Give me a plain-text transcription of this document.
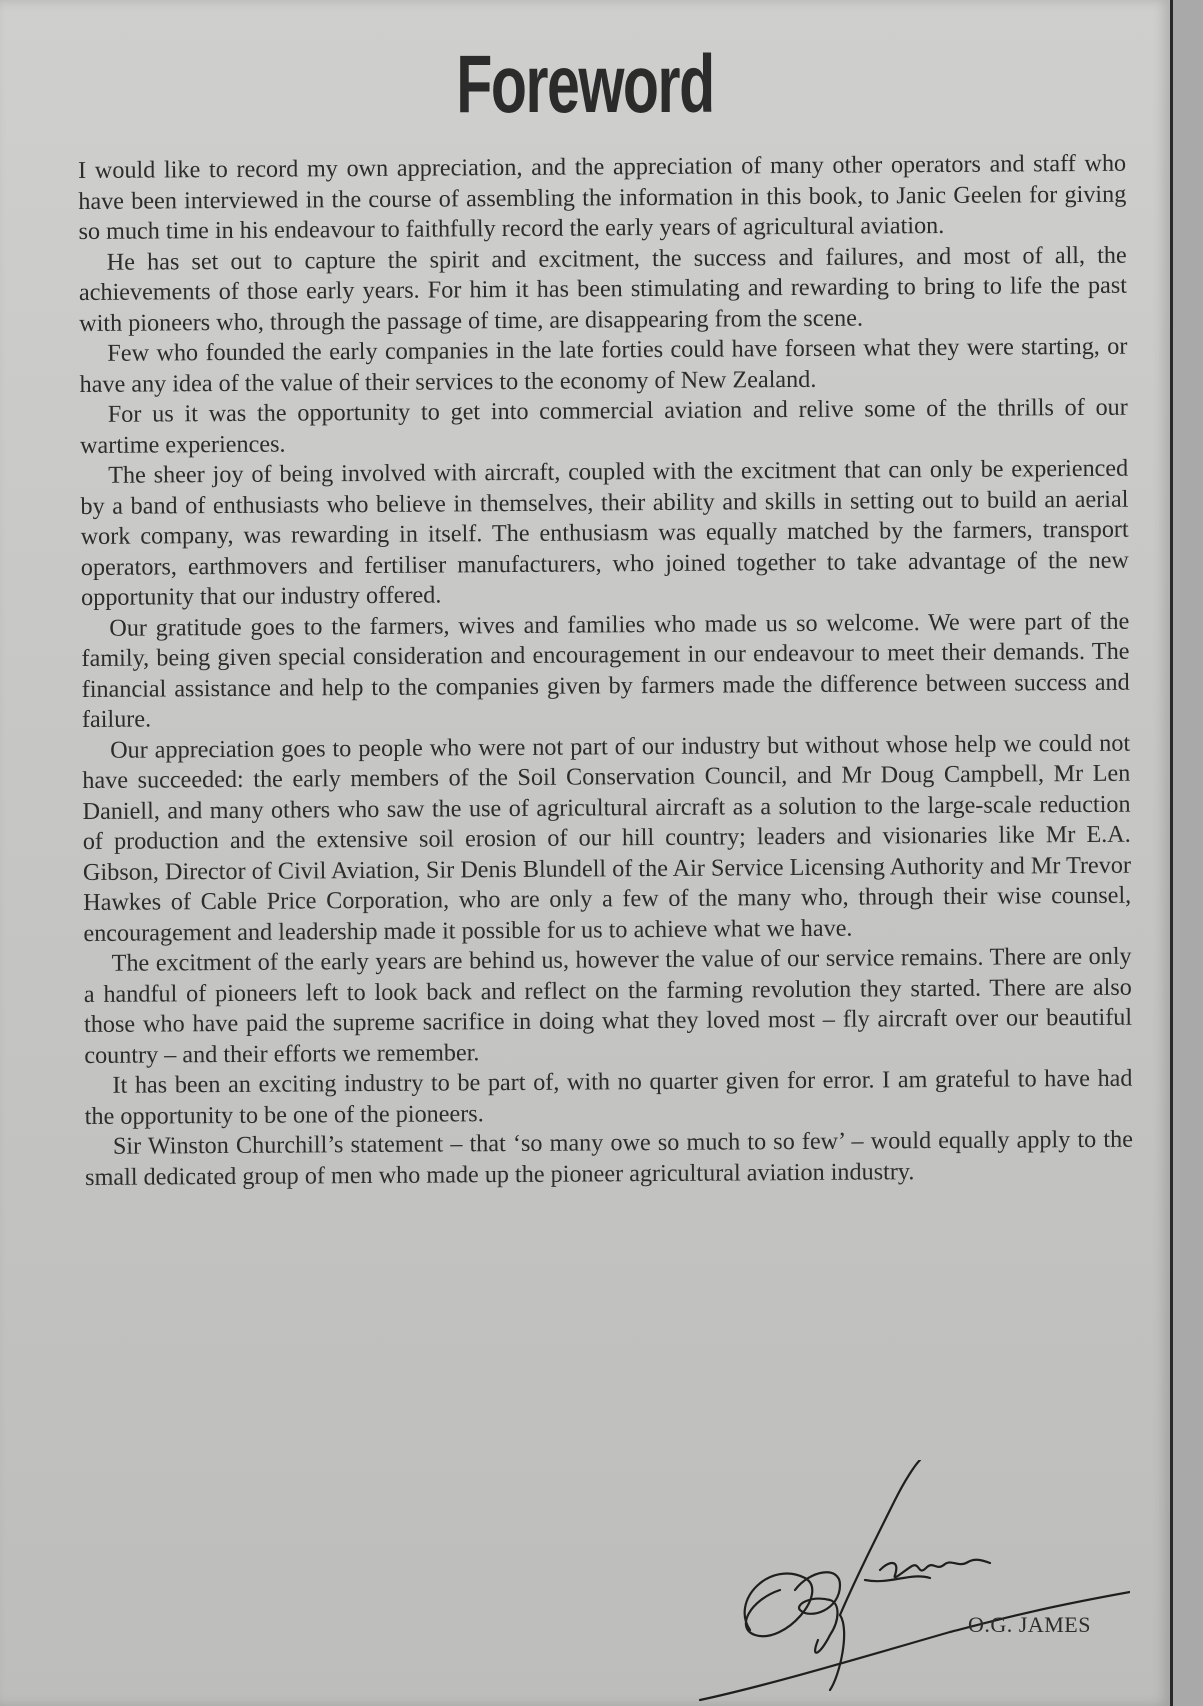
Foreword

I would like to record my own appreciation, and the appreciation of many other operators and staff who have been interviewed in the course of assembling the information in this book, to Janic Geelen for giving so much time in his endeavour to faithfully record the early years of agricultural aviation.

He has set out to capture the spirit and excitment, the success and failures, and most of all, the achievements of those early years. For him it has been stimulating and rewarding to bring to life the past with pioneers who, through the passage of time, are disappearing from the scene.

Few who founded the early companies in the late forties could have forseen what they were starting, or have any idea of the value of their services to the economy of New Zealand.

For us it was the opportunity to get into commercial aviation and relive some of the thrills of our wartime experiences.

The sheer joy of being involved with aircraft, coupled with the excitment that can only be experienced by a band of enthusiasts who believe in themselves, their ability and skills in setting out to build an aerial work company, was rewarding in itself. The enthusiasm was equally matched by the farmers, transport operators, earthmovers and fertiliser manufacturers, who joined together to take advantage of the new opportunity that our industry offered.

Our gratitude goes to the farmers, wives and families who made us so welcome. We were part of the family, being given special consideration and encouragement in our endeavour to meet their demands. The financial assistance and help to the companies given by farmers made the difference between success and failure.

Our appreciation goes to people who were not part of our industry but without whose help we could not have succeeded: the early members of the Soil Conservation Council, and Mr Doug Campbell, Mr Len Daniell, and many others who saw the use of agricultural aircraft as a solution to the large-scale reduction of production and the extensive soil erosion of our hill country; leaders and visionaries like Mr E.A. Gibson, Director of Civil Aviation, Sir Denis Blundell of the Air Service Licensing Authority and Mr Trevor Hawkes of Cable Price Corporation, who are only a few of the many who, through their wise counsel, encouragement and leadership made it possible for us to achieve what we have.

The excitment of the early years are behind us, however the value of our service remains. There are only a handful of pioneers left to look back and reflect on the farming revolution they started. There are also those who have paid the supreme sacrifice in doing what they loved most – fly aircraft over our beautiful country – and their efforts we remember.

It has been an exciting industry to be part of, with no quarter given for error. I am grateful to have had the opportunity to be one of the pioneers.

Sir Winston Churchill’s statement – that ‘so many owe so much to so few’ – would equally apply to the small dedicated group of men who made up the pioneer agricultural aviation industry.

O.G. JAMES
